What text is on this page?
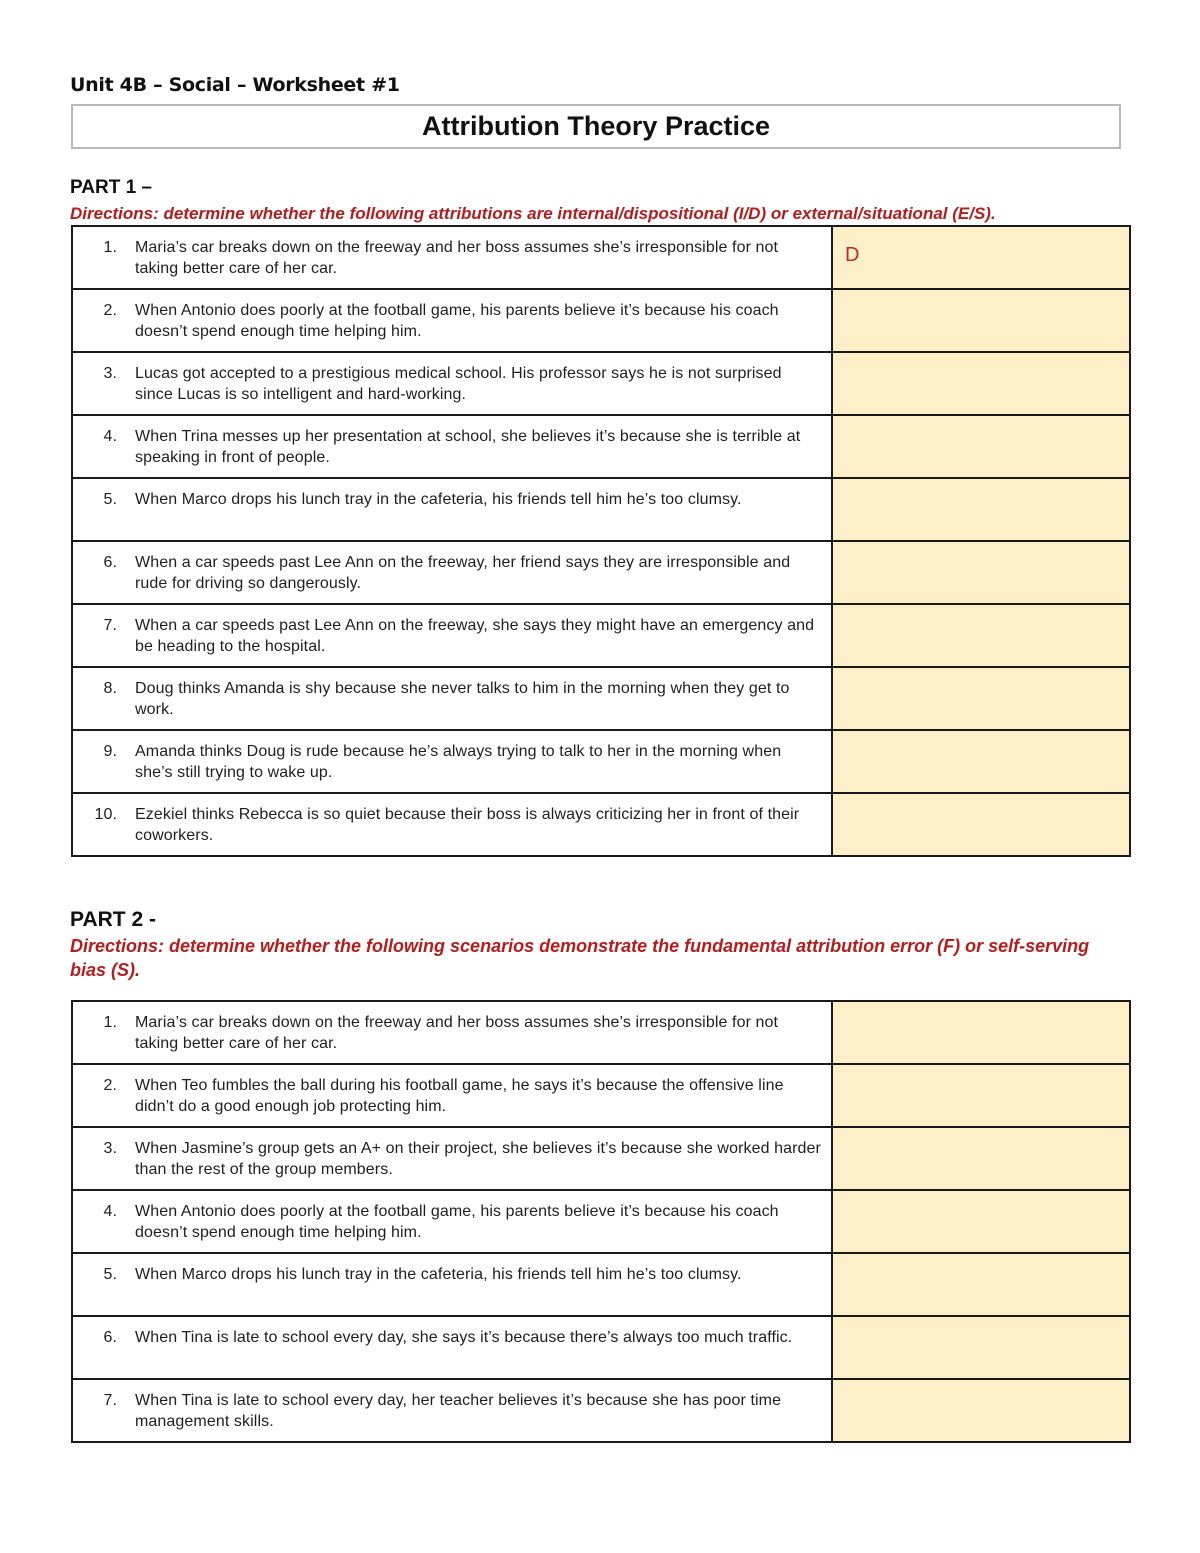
Unit 4B – Social – Worksheet #1
Attribution Theory Practice
PART 1 –
Directions: determine whether the following attributions are internal/dispositional (I/D) or external/situational (E/S).
1. Maria’s car breaks down on the freeway and her boss assumes she’s irresponsible for not taking better care of her car.	D

2. When Antonio does poorly at the football game, his parents believe it’s because his coach doesn’t spend enough time helping him.	

3. Lucas got accepted to a prestigious medical school. His professor says he is not surprised since Lucas is so intelligent and hard-working.	

4. When Trina messes up her presentation at school, she believes it’s because she is terrible at speaking in front of people.	

5. When Marco drops his lunch tray in the cafeteria, his friends tell him he’s too clumsy.	

6. When a car speeds past Lee Ann on the freeway, her friend says they are irresponsible and rude for driving so dangerously.	

7. When a car speeds past Lee Ann on the freeway, she says they might have an emergency and be heading to the hospital.	

8. Doug thinks Amanda is shy because she never talks to him in the morning when they get to work.	

9. Amanda thinks Doug is rude because he’s always trying to talk to her in the morning when she’s still trying to wake up.	

10. Ezekiel thinks Rebecca is so quiet because their boss is always criticizing her in front of their coworkers.	

PART 2 -
Directions: determine whether the following scenarios demonstrate the fundamental attribution error (F) or self-serving bias (S).
1. Maria’s car breaks down on the freeway and her boss assumes she’s irresponsible for not taking better care of her car.	

2. When Teo fumbles the ball during his football game, he says it’s because the offensive line didn’t do a good enough job protecting him.	

3. When Jasmine’s group gets an A+ on their project, she believes it’s because she worked harder than the rest of the group members.	

4. When Antonio does poorly at the football game, his parents believe it’s because his coach doesn’t spend enough time helping him.	

5. When Marco drops his lunch tray in the cafeteria, his friends tell him he’s too clumsy.	

6. When Tina is late to school every day, she says it’s because there’s always too much traffic.	

7. When Tina is late to school every day, her teacher believes it’s because she has poor time management skills.	
